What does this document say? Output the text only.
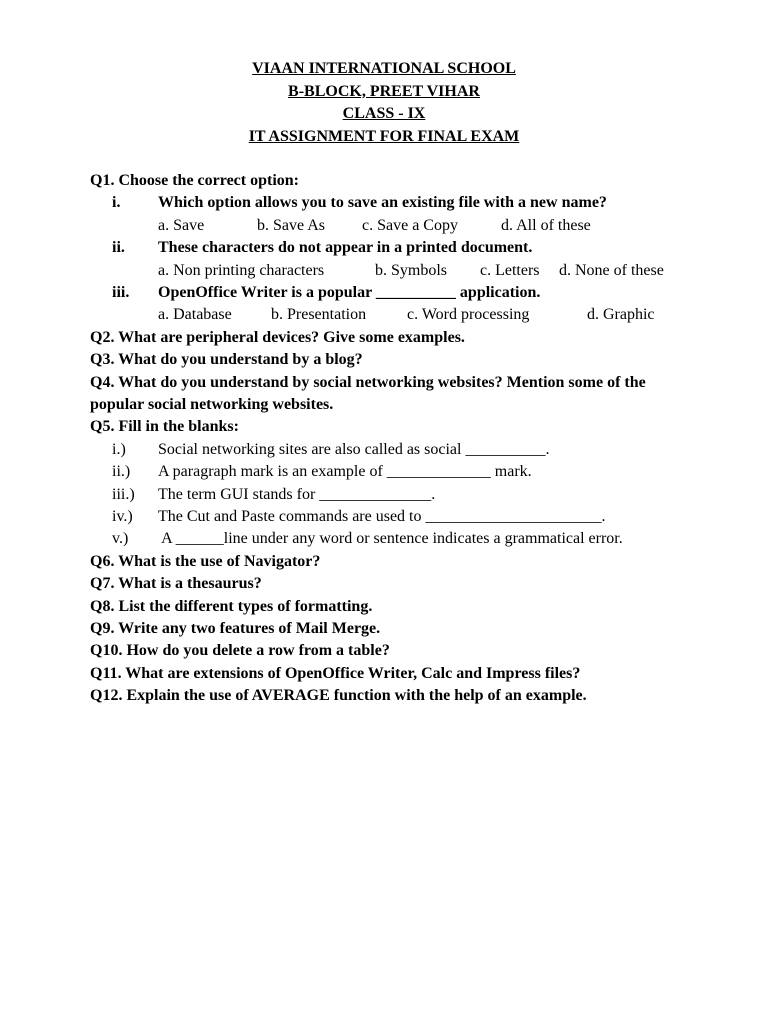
VIAAN INTERNATIONAL SCHOOL
B-BLOCK, PREET VIHAR
CLASS - IX
IT ASSIGNMENT FOR FINAL EXAM
Q1. Choose the correct option:
i. Which option allows you to save an existing file with a new name?
a. Save	b. Save As c. Save a Copy	d. All of these
ii. These characters do not appear in a printed document.
a. Non printing characters	b. Symbols c. Letters d. None of these
iii. OpenOffice Writer is a popular __________ application.
a. Database b. Presentation	c. Word processing	d. Graphic
Q2. What are peripheral devices? Give some examples.
Q3. What do you understand by a blog?
Q4. What do you understand by social networking websites? Mention some of the popular social networking websites.
Q5. Fill in the blanks:
i.) Social networking sites are also called as social __________.
ii.) A paragraph mark is an example of _____________ mark.
iii.) The term GUI stands for ______________.
iv.) The Cut and Paste commands are used to ______________________.
v.) A ______line under any word or sentence indicates a grammatical error.
Q6. What is the use of Navigator?
Q7. What is a thesaurus?
Q8. List the different types of formatting.
Q9. Write any two features of Mail Merge.
Q10. How do you delete a row from a table?
Q11. What are extensions of OpenOffice Writer, Calc and Impress files?
Q12. Explain the use of AVERAGE function with the help of an example.
